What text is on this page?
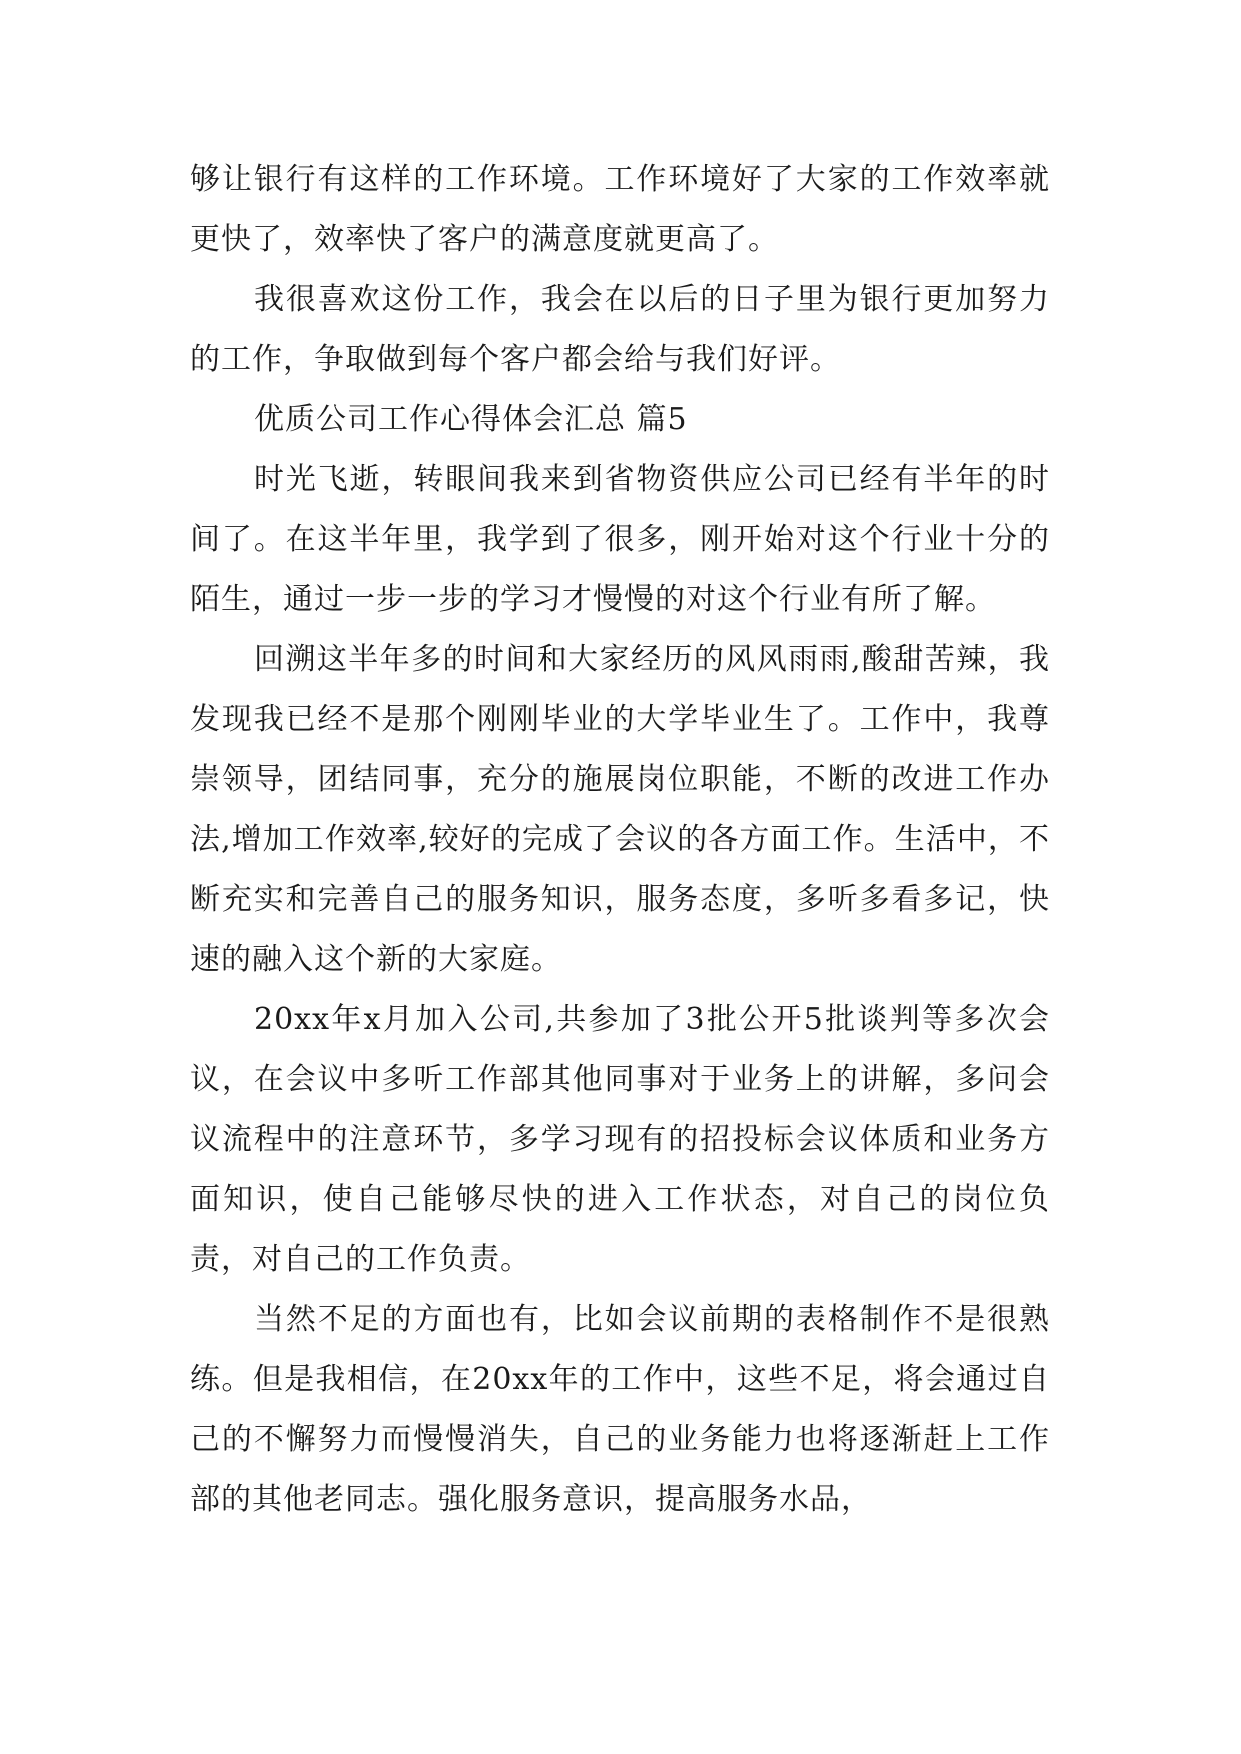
够让银行有这样的工作环境。工作环境好了大家的工作效率就更快了，效率快了客户的满意度就更高了。

我很喜欢这份工作，我会在以后的日子里为银行更加努力的工作，争取做到每个客户都会给与我们好评。

优质公司工作心得体会汇总 篇5

时光飞逝，转眼间我来到省物资供应公司已经有半年的时间了。在这半年里，我学到了很多，刚开始对这个行业十分的陌生，通过一步一步的学习才慢慢的对这个行业有所了解。

回溯这半年多的时间和大家经历的风风雨雨,酸甜苦辣，我发现我已经不是那个刚刚毕业的大学毕业生了。工作中，我尊崇领导，团结同事，充分的施展岗位职能，不断的改进工作办法,增加工作效率,较好的完成了会议的各方面工作。生活中，不断充实和完善自己的服务知识，服务态度，多听多看多记，快速的融入这个新的大家庭。

20xx年x月加入公司,共参加了3批公开5批谈判等多次会议，在会议中多听工作部其他同事对于业务上的讲解，多问会议流程中的注意环节，多学习现有的招投标会议体质和业务方面知识，使自己能够尽快的进入工作状态，对自己的岗位负责，对自己的工作负责。

当然不足的方面也有，比如会议前期的表格制作不是很熟练。但是我相信，在20xx年的工作中，这些不足，将会通过自己的不懈努力而慢慢消失，自己的业务能力也将逐渐赶上工作部的其他老同志。强化服务意识，提高服务水品，
